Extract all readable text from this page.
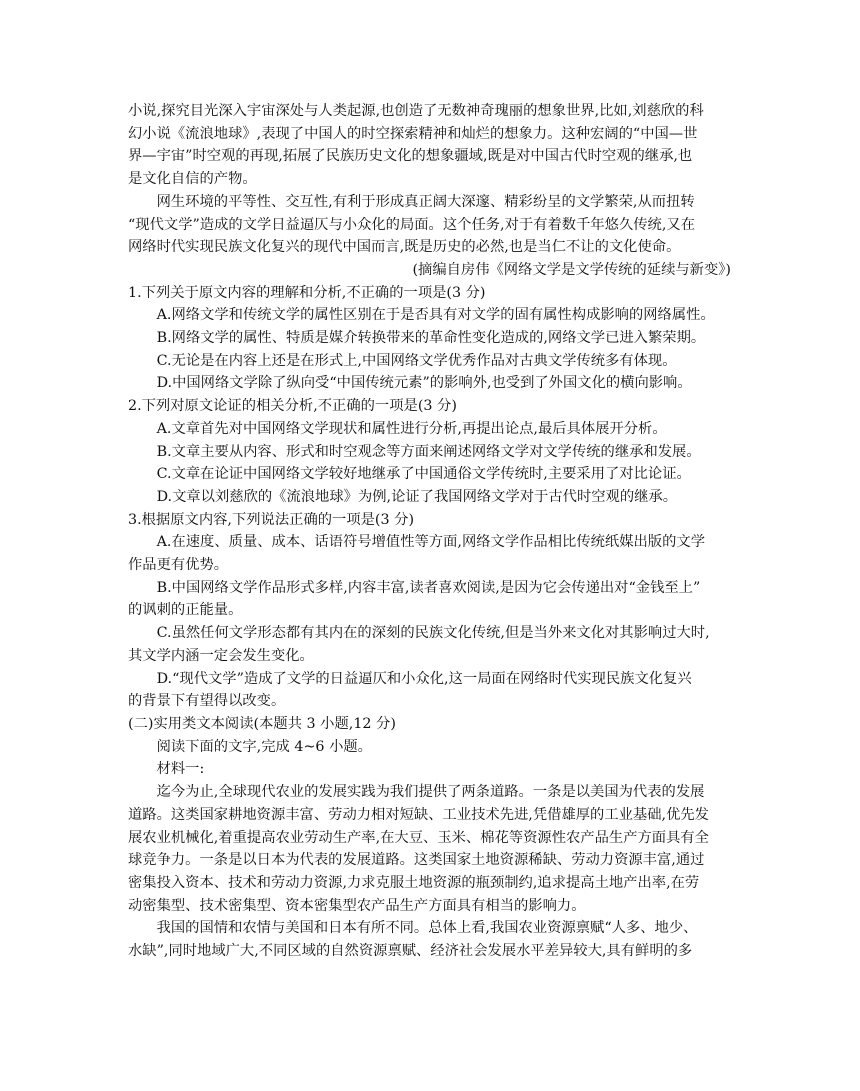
小说,探究目光深入宇宙深处与人类起源,也创造了无数神奇瑰丽的想象世界,比如,刘慈欣的科
幻小说《流浪地球》,表现了中国人的时空探索精神和灿烂的想象力。这种宏阔的“中国—世
界—宇宙”时空观的再现,拓展了民族历史文化的想象疆域,既是对中国古代时空观的继承,也
是文化自信的产物。

网生环境的平等性、交互性,有利于形成真正阔大深邃、精彩纷呈的文学繁荣,从而扭转
“现代文学”造成的文学日益逼仄与小众化的局面。这个任务,对于有着数千年悠久传统,又在
网络时代实现民族文化复兴的现代中国而言,既是历史的必然,也是当仁不让的文化使命。

(摘编自房伟《网络文学是文学传统的延续与新变》)

1.下列关于原文内容的理解和分析,不正确的一项是(3 分)

A.网络文学和传统文学的属性区别在于是否具有对文学的固有属性构成影响的网络属性。

B.网络文学的属性、特质是媒介转换带来的革命性变化造成的,网络文学已进入繁荣期。

C.无论是在内容上还是在形式上,中国网络文学优秀作品对古典文学传统多有体现。

D.中国网络文学除了纵向受“中国传统元素”的影响外,也受到了外国文化的横向影响。

2.下列对原文论证的相关分析,不正确的一项是(3 分)

A.文章首先对中国网络文学现状和属性进行分析,再提出论点,最后具体展开分析。

B.文章主要从内容、形式和时空观念等方面来阐述网络文学对文学传统的继承和发展。

C.文章在论证中国网络文学较好地继承了中国通俗文学传统时,主要采用了对比论证。

D.文章以刘慈欣的《流浪地球》为例,论证了我国网络文学对于古代时空观的继承。

3.根据原文内容,下列说法正确的一项是(3 分)

A.在速度、质量、成本、话语符号增值性等方面,网络文学作品相比传统纸媒出版的文学
作品更有优势。

B.中国网络文学作品形式多样,内容丰富,读者喜欢阅读,是因为它会传递出对“金钱至上”
的讽刺的正能量。

C.虽然任何文学形态都有其内在的深刻的民族文化传统,但是当外来文化对其影响过大时,
其文学内涵一定会发生变化。

D.“现代文学”造成了文学的日益逼仄和小众化,这一局面在网络时代实现民族文化复兴
的背景下有望得以改变。

(二)实用类文本阅读(本题共 3 小题,12 分)

阅读下面的文字,完成 4~6 小题。

材料一:

迄今为止,全球现代农业的发展实践为我们提供了两条道路。一条是以美国为代表的发展
道路。这类国家耕地资源丰富、劳动力相对短缺、工业技术先进,凭借雄厚的工业基础,优先发
展农业机械化,着重提高农业劳动生产率,在大豆、玉米、棉花等资源性农产品生产方面具有全
球竞争力。一条是以日本为代表的发展道路。这类国家土地资源稀缺、劳动力资源丰富,通过
密集投入资本、技术和劳动力资源,力求克服土地资源的瓶颈制约,追求提高土地产出率,在劳
动密集型、技术密集型、资本密集型农产品生产方面具有相当的影响力。

我国的国情和农情与美国和日本有所不同。总体上看,我国农业资源禀赋“人多、地少、
水缺”,同时地域广大,不同区域的自然资源禀赋、经济社会发展水平差异较大,具有鲜明的多
